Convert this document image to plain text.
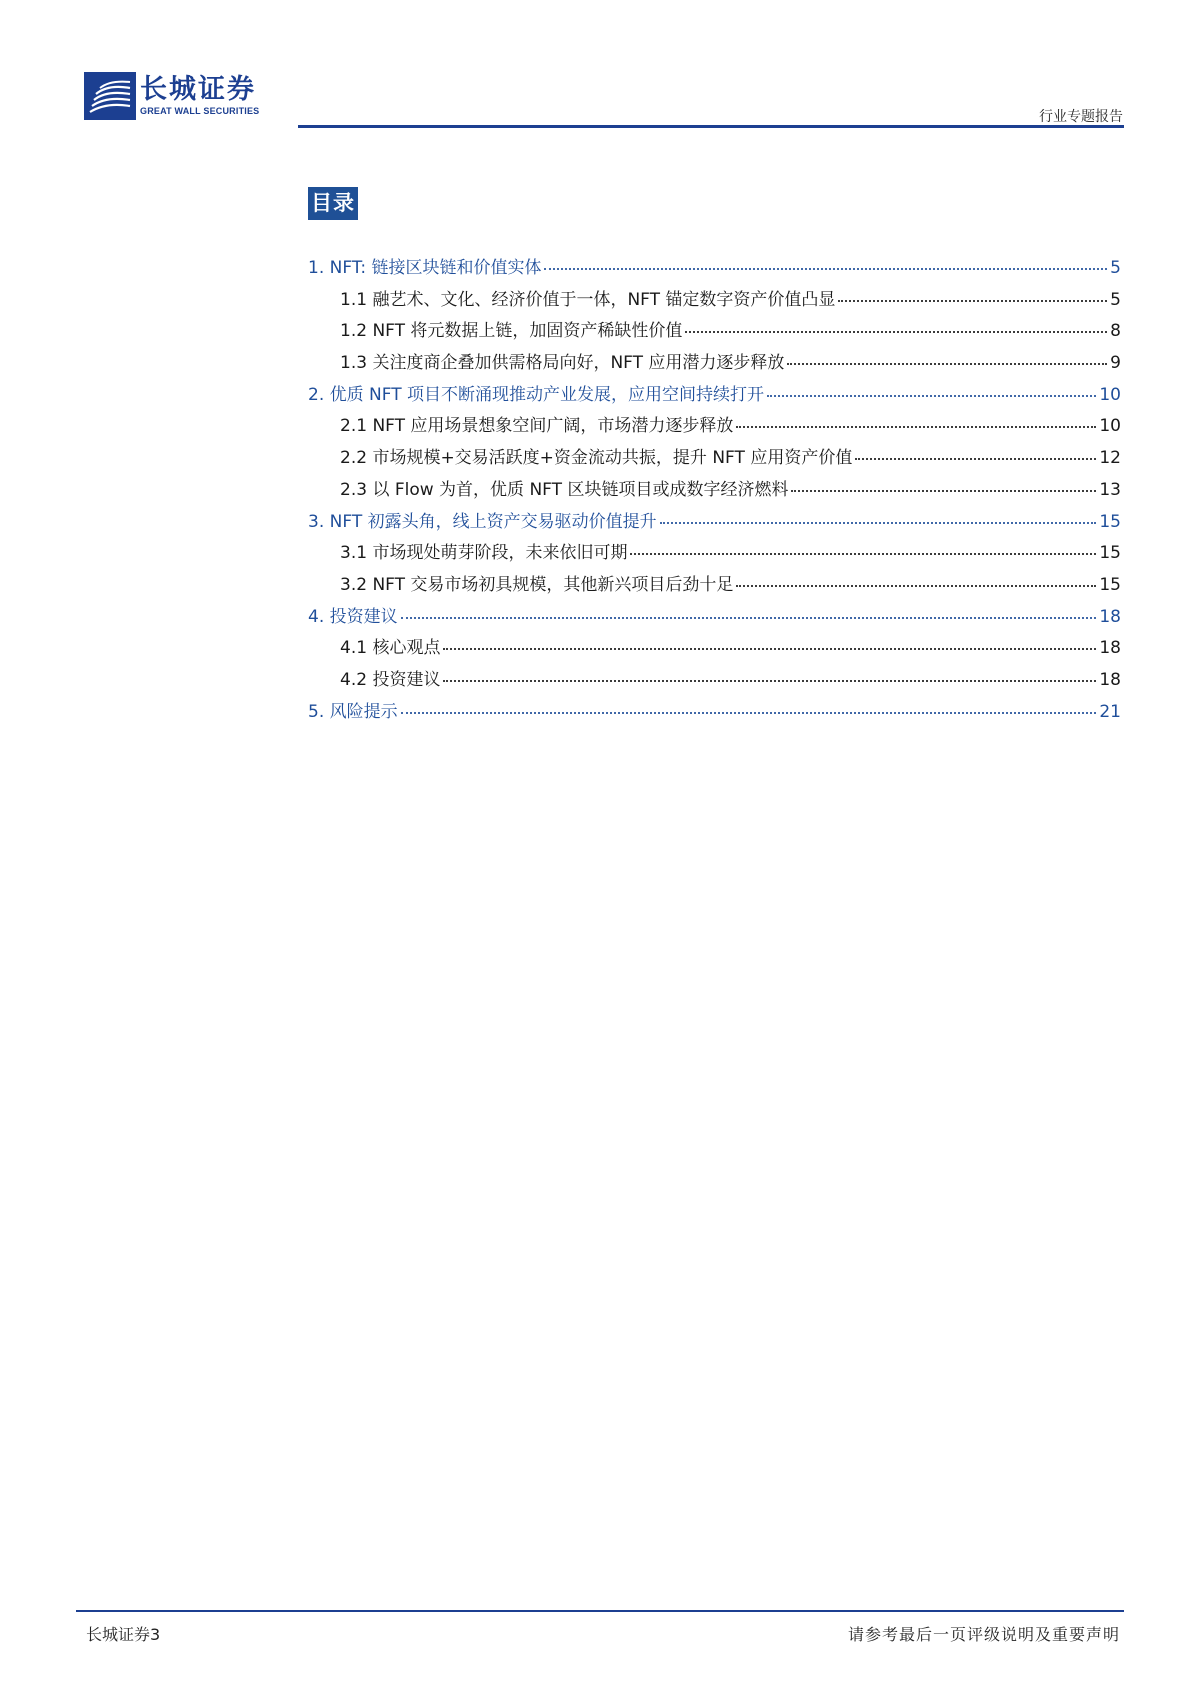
长城证券
GREAT WALL SECURITIES	行业专题报告
目录
1. NFT: 链接区块链和价值实体	5
1.1 融艺术、文化、经济价值于一体，NFT 锚定数字资产价值凸显	5
1.2 NFT 将元数据上链，加固资产稀缺性价值	8
1.3 关注度商企叠加供需格局向好，NFT 应用潜力逐步释放	9
2. 优质 NFT 项目不断涌现推动产业发展，应用空间持续打开	10
2.1 NFT 应用场景想象空间广阔，市场潜力逐步释放	10
2.2 市场规模+交易活跃度+资金流动共振，提升 NFT 应用资产价值	12
2.3 以 Flow 为首，优质 NFT 区块链项目或成数字经济燃料	13
3. NFT 初露头角，线上资产交易驱动价值提升	15
3.1 市场现处萌芽阶段，未来依旧可期	15
3.2 NFT 交易市场初具规模，其他新兴项目后劲十足	15
4. 投资建议	18
4.1 核心观点	18
4.2 投资建议	18
5. 风险提示	21
长城证券3	请参考最后一页评级说明及重要声明
